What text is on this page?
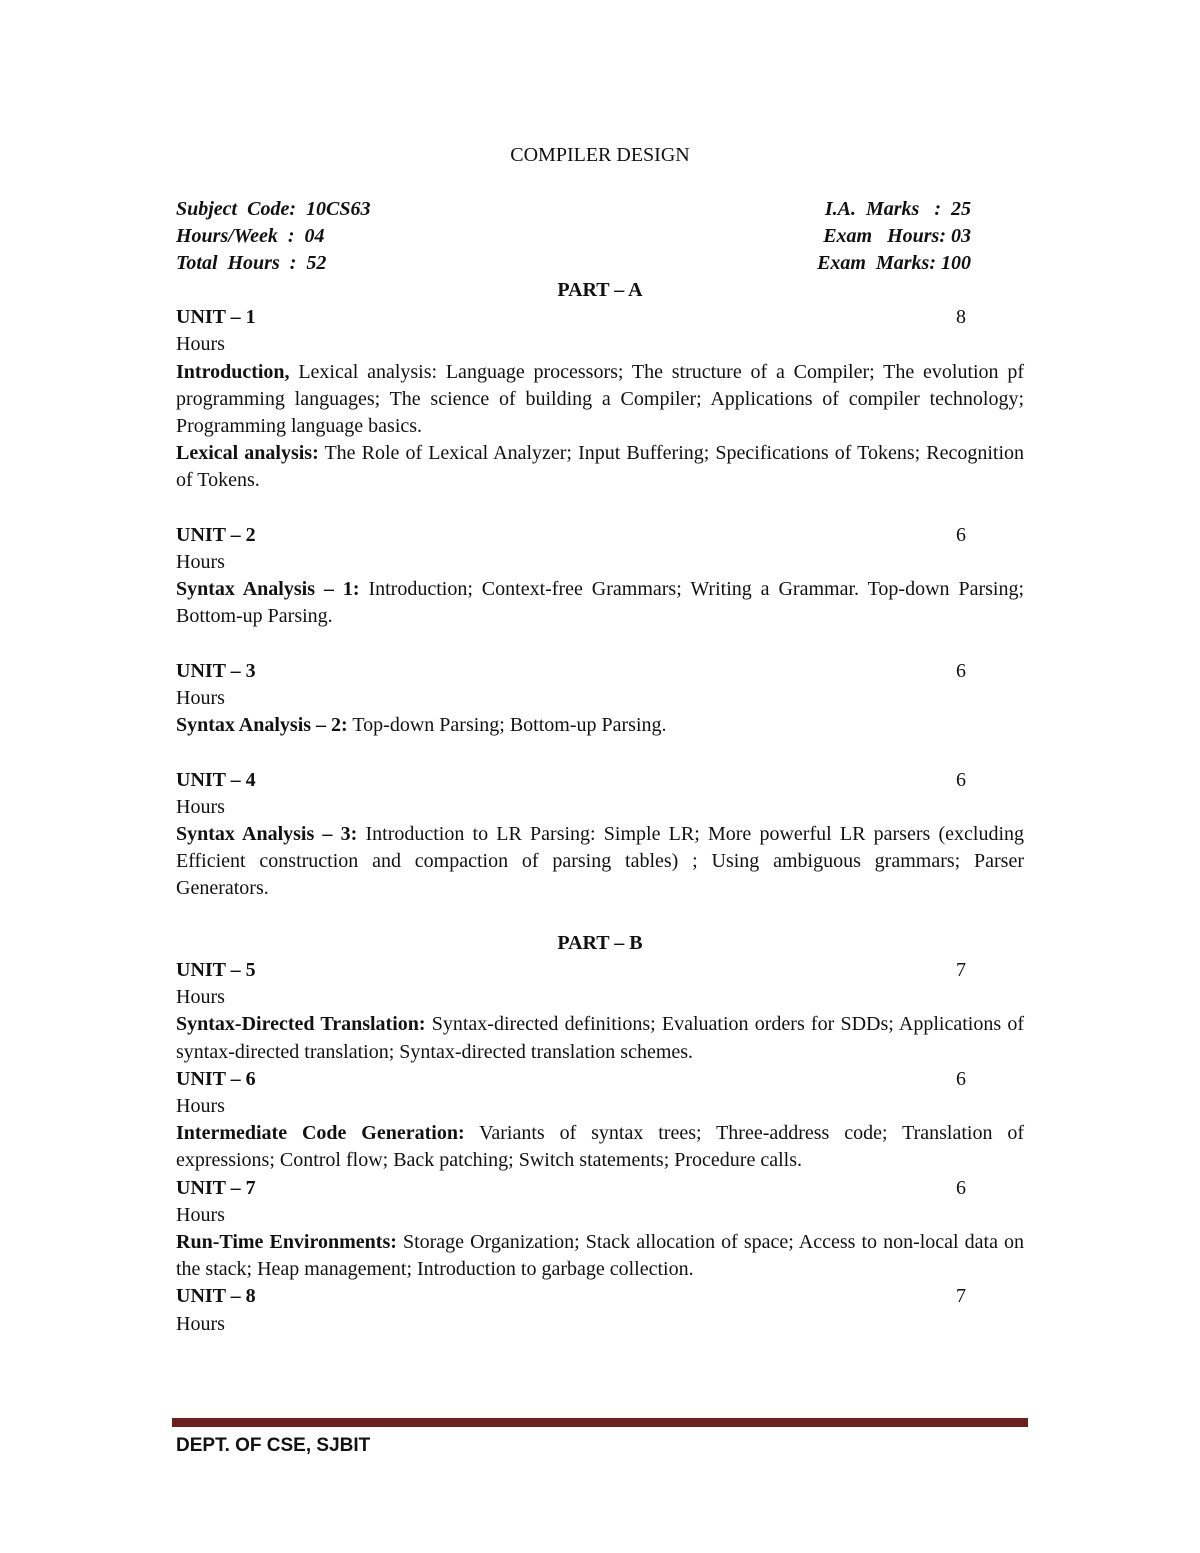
COMPILER DESIGN
Subject  Code:  10CS63	I.A.  Marks   :  25
Hours/Week  :  04	Exam   Hours: 03
Total  Hours  :  52	Exam  Marks: 100
PART – A
UNIT – 1	8
Hours
Introduction, Lexical analysis: Language processors; The structure of a Compiler; The evolution pf programming languages; The science of building a Compiler; Applications of compiler technology; Programming language basics.
Lexical analysis: The Role of Lexical Analyzer; Input Buffering; Specifications of Tokens; Recognition of Tokens.
UNIT – 2	6
Hours
Syntax Analysis – 1: Introduction; Context-free Grammars; Writing a Grammar. Top-down Parsing; Bottom-up Parsing.
UNIT – 3	6
Hours
Syntax Analysis – 2: Top-down Parsing; Bottom-up Parsing.
UNIT – 4	6
Hours
Syntax Analysis – 3: Introduction to LR Parsing: Simple LR; More powerful LR parsers (excluding Efficient construction and compaction of parsing tables) ; Using ambiguous grammars; Parser Generators.
PART – B
UNIT – 5	7
Hours
Syntax-Directed Translation: Syntax-directed definitions; Evaluation orders for SDDs; Applications of syntax-directed translation; Syntax-directed translation schemes.
UNIT – 6	6
Hours
Intermediate Code Generation: Variants of syntax trees; Three-address code; Translation of expressions; Control flow; Back patching; Switch statements; Procedure calls.
UNIT – 7	6
Hours
Run-Time Environments: Storage Organization; Stack allocation of space; Access to non-local data on the stack; Heap management; Introduction to garbage collection.
UNIT – 8	7
Hours
DEPT. OF CSE, SJBIT
